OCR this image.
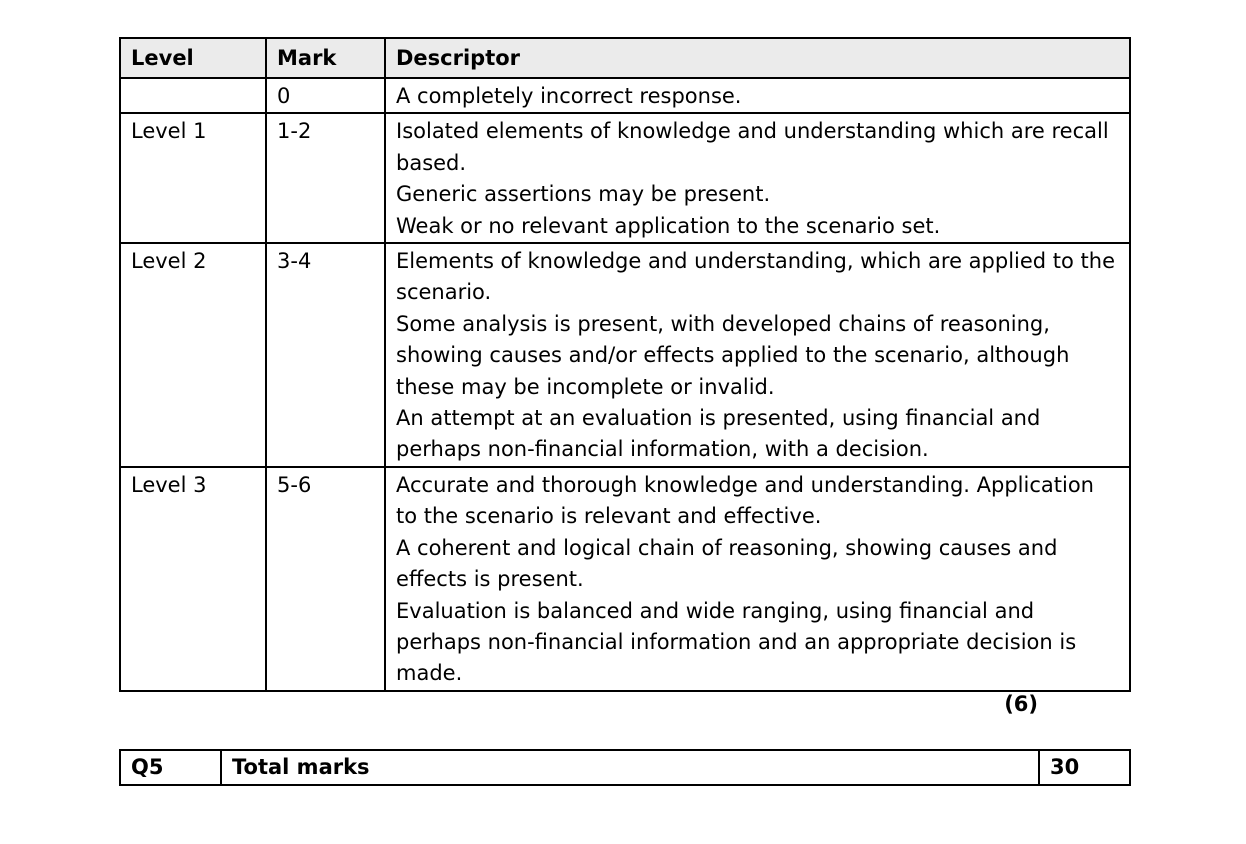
Level	Mark	Descriptor
	0	A completely incorrect response.

Level 1	1-2	Isolated elements of knowledge and understanding which are recall based.
Generic assertions may be present.
Weak or no relevant application to the scenario set.

Level 2	3-4	Elements of knowledge and understanding, which are applied to the scenario.
Some analysis is present, with developed chains of reasoning, showing causes and/or effects applied to the scenario, although these may be incomplete or invalid.
An attempt at an evaluation is presented, using financial and perhaps non-financial information, with a decision.

Level 3	5-6	Accurate and thorough knowledge and understanding. Application to the scenario is relevant and effective.
A coherent and logical chain of reasoning, showing causes and effects is present.
Evaluation is balanced and wide ranging, using financial and perhaps non-financial information and an appropriate decision is made.
(6)
Q5	Total marks	30
